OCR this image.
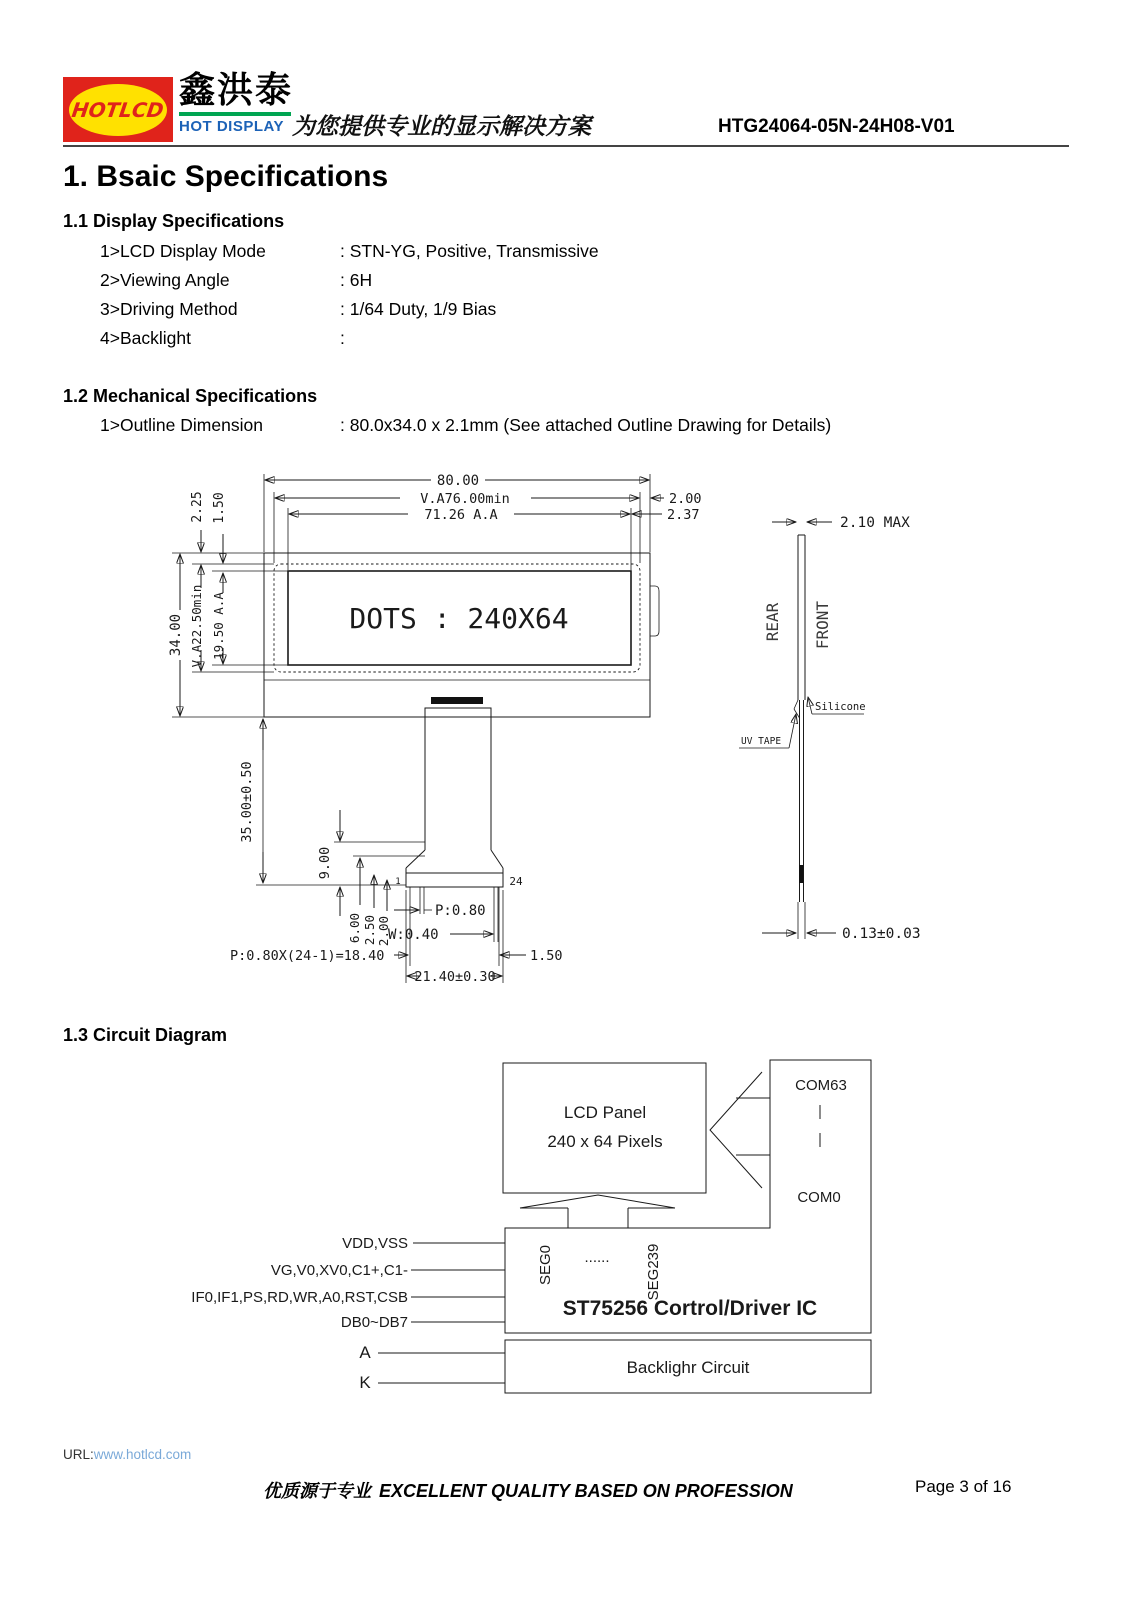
HOTLCD 鑫洪泰
HOT DISPLAY 为您提供专业的显示解决方案	HTG24064-05N-24H08-V01
1. Bsaic Specifications
1.1 Display Specifications
1>LCD Display Mode	: STN-YG, Positive, Transmissive
2>Viewing Angle	: 6H
3>Driving Method	: 1/64 Duty, 1/9 Bias
4>Backlight	:
1.2 Mechanical Specifications
1>Outline Dimension	: 80.0x34.0 x 2.1mm (See attached Outline Drawing for Details)
DOTS : 240X64
80.00
V.A76.00min
71.26 A.A
2.00
2.37
34.00
2.25
V.A22.50min
1.50
19.50 A.A
1	24
35.00±0.50
9.00
6.00 2.50 2.00
P:0.80
W:0.40
P:0.80X(24-1)=18.40	1.50
21.40±0.30
2.10 MAX
REAR FRONT
Silicone
UV TAPE
0.13±0.03
1.3 Circuit Diagram
LCD Panel
240 x 64 Pixels
COM63
COM0
SEG0 ...... SEG239
ST75256 Cortrol/Driver IC
VDD,VSS
VG,V0,XV0,C1+,C1-
IF0,IF1,PS,RD,WR,A0,RST,CSB
DB0~DB7
Backlighr Circuit
A
K
URL:www.hotlcd.com
优质源于专业 EXCELLENT QUALITY BASED ON PROFESSION	Page 3 of 16
